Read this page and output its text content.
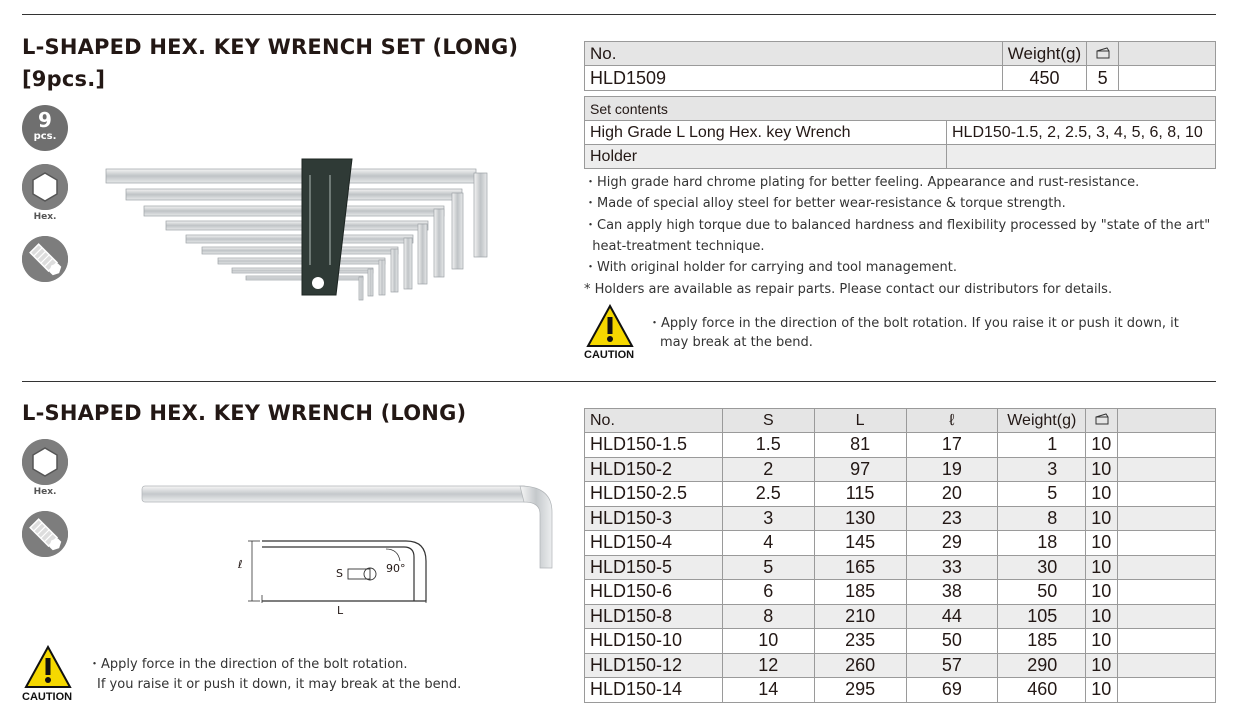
L-SHAPED HEX. KEY WRENCH SET (LONG)
[9pcs.]
9
pcs.
Hex.
No.	Weight(g)		
HLD1509	450	5	
Set contents	
High Grade L Long Hex. key Wrench	HLD150-1.5, 2, 2.5, 3, 4, 5, 6, 8, 10
Holder	
・High grade hard chrome plating for better feeling. Appearance and rust-resistance.
・Made of special alloy steel for better wear-resistance & torque strength.
・Can apply high torque due to balanced hardness and flexibility processed by "state of the art"
heat-treatment technique.
・With original holder for carrying and tool management.
* Holders are available as repair parts. Please contact our distributors for details.
CAUTION
・Apply force in the direction of the bolt rotation. If you raise it or push it down, it
may break at the bend.
L-SHAPED HEX. KEY WRENCH (LONG)
Hex.
ℓ
S	90°
L
No.	S	L	ℓ	Weight(g)		
HLD150-1.5	1.5	81	17	1	10	
HLD150-2	2	97	19	3	10	
HLD150-2.5	2.5	115	20	5	10	
HLD150-3	3	130	23	8	10	
HLD150-4	4	145	29	18	10	
HLD150-5	5	165	33	30	10	
HLD150-6	6	185	38	50	10	
HLD150-8	8	210	44	105	10	
HLD150-10	10	235	50	185	10	
HLD150-12	12	260	57	290	10	
HLD150-14	14	295	69	460	10	
CAUTION
・Apply force in the direction of the bolt rotation.
If you raise it or push it down, it may break at the bend.
